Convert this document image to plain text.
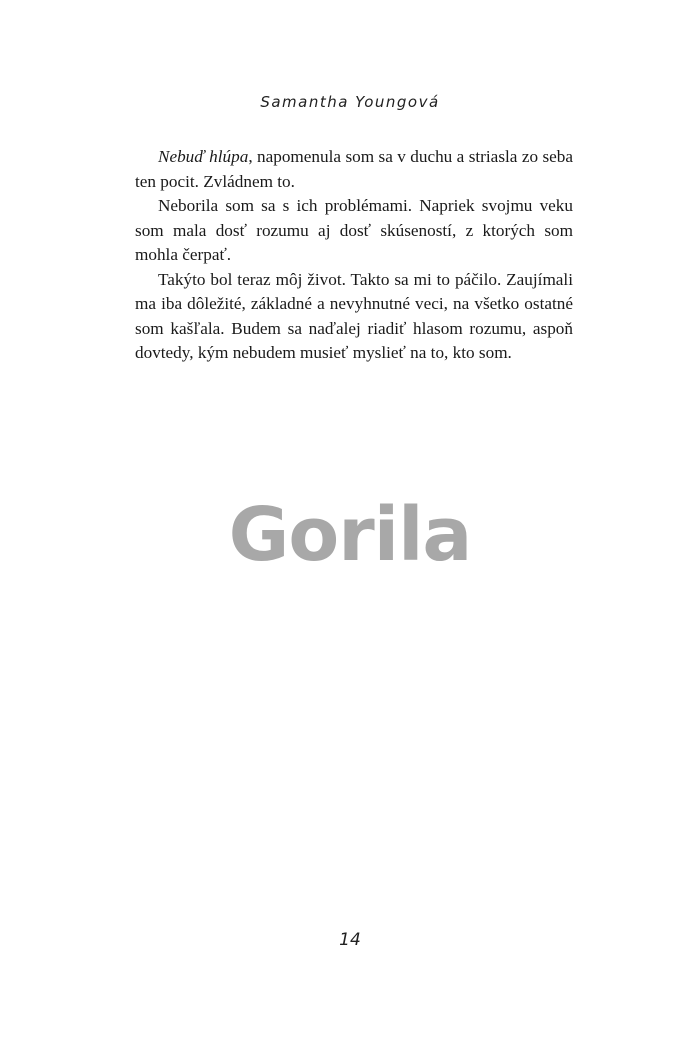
Samantha Youngová

Nebuď hlúpa, napomenula som sa v duchu a striasla zo seba ten pocit. Zvládnem to.

Neborila som sa s ich problémami. Napriek svojmu veku som mala dosť rozumu aj dosť skúseností, z ktorých som mohla čerpať.

Takýto bol teraz môj život. Takto sa mi to páčilo. Zaujímali ma iba dôležité, základné a nevyhnutné veci, na všetko ostatné som kašľala. Budem sa naďalej riadiť hlasom rozumu, aspoň dovtedy, kým nebudem musieť myslieť na to, kto som.

Gorila
14
